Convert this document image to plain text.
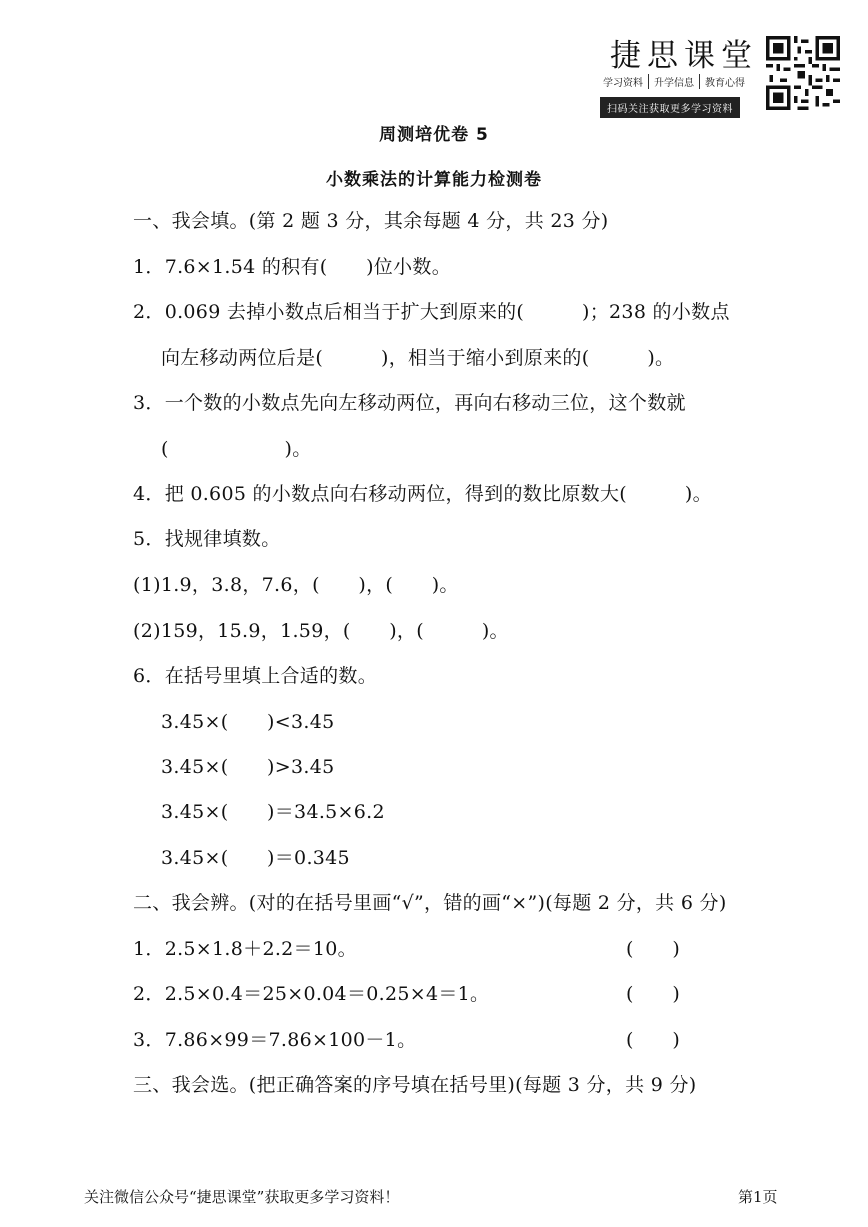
捷思课堂
学习资料	升学信息	教育心得
扫码关注获取更多学习资料
周测培优卷 5
小数乘法的计算能力检测卷
一、我会填。(第 2 题 3 分，其余每题 4 分，共 23 分)
1．7.6×1.54 的积有(　　)位小数。
2．0.069 去掉小数点后相当于扩大到原来的(　　　)；238 的小数点
向左移动两位后是(　　　)，相当于缩小到原来的(　　　)。
3．一个数的小数点先向左移动两位，再向右移动三位，这个数就
(　　　　　　)。
4．把 0.605 的小数点向右移动两位，得到的数比原数大(　　　)。
5．找规律填数。
(1)1.9，3.8，7.6，(　　)，(　　)。
(2)159，15.9，1.59，(　　)，(　　　)。
6．在括号里填上合适的数。
3.45×(　　)<3.45
3.45×(　　)>3.45
3.45×(　　)＝34.5×6.2
3.45×(　　)＝0.345
二、我会辨。(对的在括号里画“√”，错的画“×”)(每题 2 分，共 6 分)
1．2.5×1.8＋2.2＝10。
2．2.5×0.4＝25×0.04＝0.25×4＝1。
3．7.86×99＝7.86×100－1。
三、我会选。(把正确答案的序号填在括号里)(每题 3 分，共 9 分)
(　　)
(　　)
(　　)
关注微信公众号“捷思课堂”获取更多学习资料！	第1页
